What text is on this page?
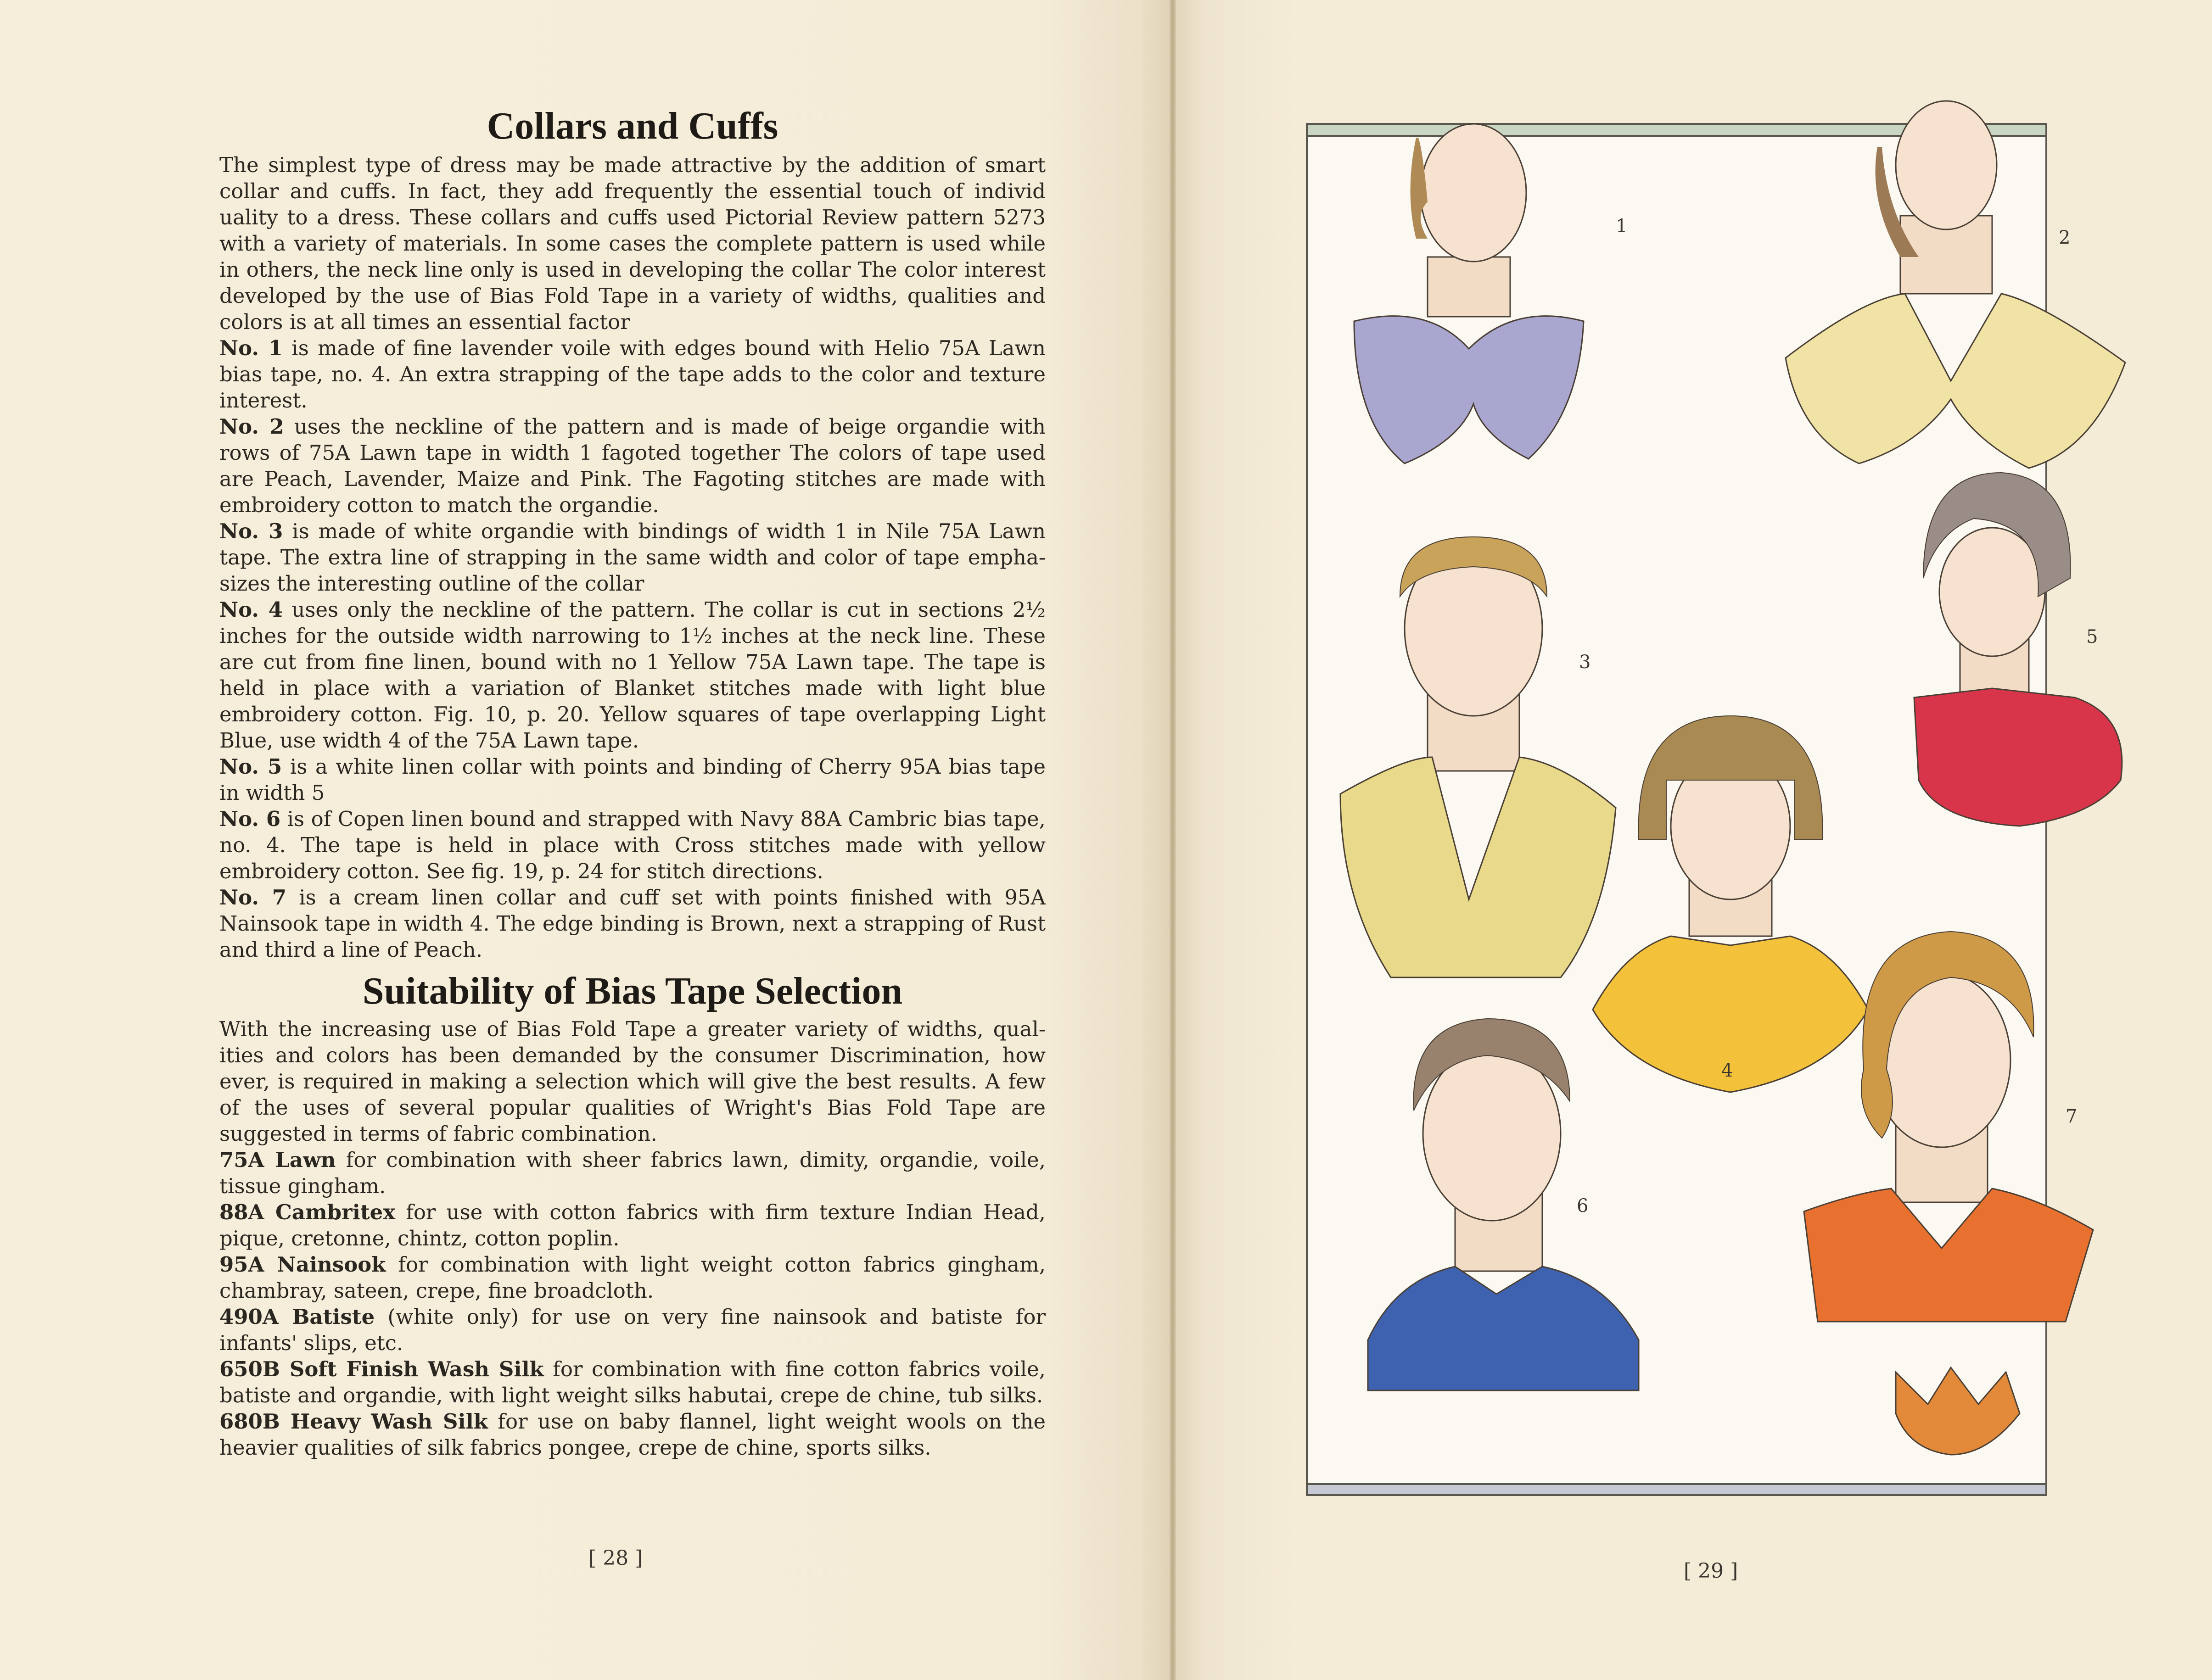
Collars and Cuffs

The simplest type of dress may be made attractive by the addition of smart collar and cuffs. In fact, they add frequently the essential touch of individ uality to a dress. These collars and cuffs used Pictorial Review pattern 5273 with a variety of materials. In some cases the complete pattern is used while in others, the neck line only is used in developing the collar The color interest developed by the use of Bias Fold Tape in a variety of widths, qualities and colors is at all times an essential factor

No. 1 is made of fine lavender voile with edges bound with Helio 75A Lawn bias tape, no. 4. An extra strapping of the tape adds to the color and texture interest.

No. 2 uses the neckline of the pattern and is made of beige organdie with rows of 75A Lawn tape in width 1 fagoted together The colors of tape used are Peach, Lavender, Maize and Pink. The Fagoting stitches are made with embroidery cotton to match the organdie.

No. 3 is made of white organdie with bindings of width 1 in Nile 75A Lawn tape. The extra line of strapping in the same width and color of tape empha- sizes the interesting outline of the collar

No. 4 uses only the neckline of the pattern. The collar is cut in sections 2½ inches for the outside width narrowing to 1½ inches at the neck line. These are cut from fine linen, bound with no 1 Yellow 75A Lawn tape. The tape is held in place with a variation of Blanket stitches made with light blue embroidery cotton. Fig. 10, p. 20. Yellow squares of tape overlapping Light Blue, use width 4 of the 75A Lawn tape.

No. 5 is a white linen collar with points and binding of Cherry 95A bias tape in width 5

No. 6 is of Copen linen bound and strapped with Navy 88A Cambric bias tape, no. 4. The tape is held in place with Cross stitches made with yellow embroidery cotton. See fig. 19, p. 24 for stitch directions.

No. 7 is a cream linen collar and cuff set with points finished with 95A Nainsook tape in width 4. The edge binding is Brown, next a strapping of Rust and third a line of Peach.

Suitability of Bias Tape Selection

With the increasing use of Bias Fold Tape a greater variety of widths, qual- ities and colors has been demanded by the consumer Discrimination, how ever, is required in making a selection which will give the best results. A few of the uses of several popular qualities of Wright's Bias Fold Tape are suggested in terms of fabric combination.

75A Lawn for combination with sheer fabrics lawn, dimity, organdie, voile, tissue gingham.

88A Cambritex for use with cotton fabrics with firm texture Indian Head, pique, cretonne, chintz, cotton poplin.

95A Nainsook for combination with light weight cotton fabrics gingham, chambray, sateen, crepe, fine broadcloth.

490A Batiste (white only) for use on very fine nainsook and batiste for infants' slips, etc.

650B Soft Finish Wash Silk for combination with fine cotton fabrics voile, batiste and organdie, with light weight silks habutai, crepe de chine, tub silks.

680B Heavy Wash Silk for use on baby flannel, light weight wools on the heavier qualities of silk fabrics pongee, crepe de chine, sports silks.

[ 28 ]
1
2
3
4
5
6
7
[ 29 ]
